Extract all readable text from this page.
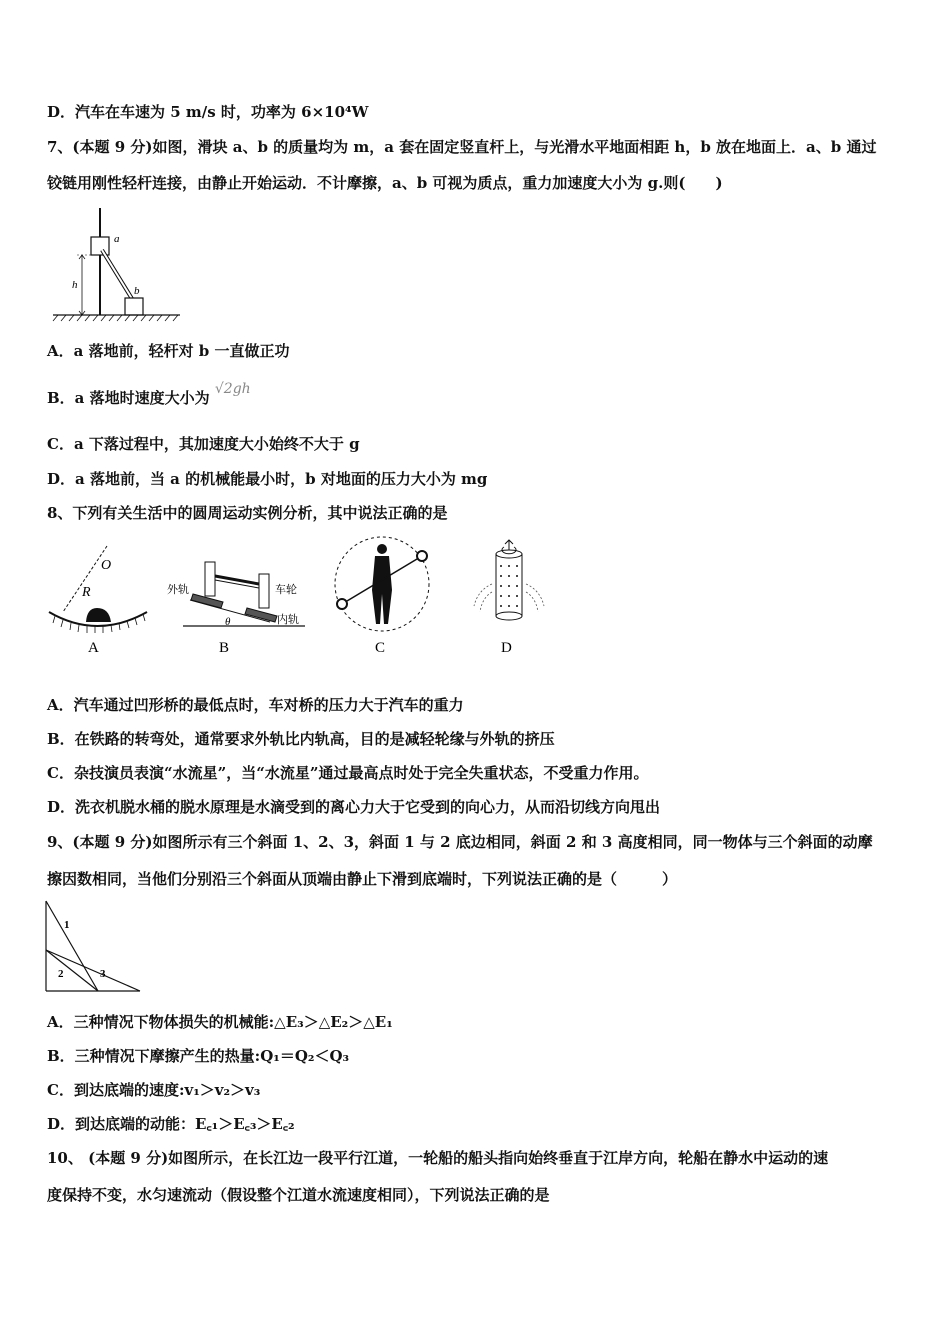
D．汽车在车速为 5 m/s 时，功率为 6×10⁴W
7、(本题 9 分)如图，滑块 a、b 的质量均为 m，a 套在固定竖直杆上，与光滑水平地面相距 h，b 放在地面上．a、b 通过
铰链用刚性轻杆连接，由静止开始运动．不计摩擦，a、b 可视为质点，重力加速度大小为 g.则(　　)
a
b
h
A．a 落地前，轻杆对 b 一直做正功
B．a 落地时速度大小为 √2gh
C．a 下落过程中，其加速度大小始终不大于 g
D．a 落地前，当 a 的机械能最小时，b 对地面的压力大小为 mg
8、下列有关生活中的圆周运动实例分析，其中说法正确的是
O
R
A
外轨	车轮
内轨
θ
B	C	D
A．汽车通过凹形桥的最低点时，车对桥的压力大于汽车的重力
B．在铁路的转弯处，通常要求外轨比内轨高，目的是减轻轮缘与外轨的挤压
C．杂技演员表演“水流星”，当“水流星”通过最高点时处于完全失重状态，不受重力作用。
D．洗衣机脱水桶的脱水原理是水滴受到的离心力大于它受到的向心力，从而沿切线方向甩出
9、(本题 9 分)如图所示有三个斜面 1、2、3，斜面 1 与 2 底边相同，斜面 2 和 3 高度相同，同一物体与三个斜面的动摩
擦因数相同，当他们分别沿三个斜面从顶端由静止下滑到底端时，下列说法正确的是（　　　）
1
2	3
A．三种情况下物体损失的机械能:△E₃＞△E₂＞△E₁
B．三种情况下摩擦产生的热量:Q₁＝Q₂＜Q₃
C．到达底端的速度:v₁＞v₂＞v₃
D．到达底端的动能：E꜀₁＞E꜀₃＞E꜀₂
10、 (本题 9 分)如图所示，在长江边一段平行江道，一轮船的船头指向始终垂直于江岸方向，轮船在静水中运动的速
度保持不变，水匀速流动（假设整个江道水流速度相同），下列说法正确的是
